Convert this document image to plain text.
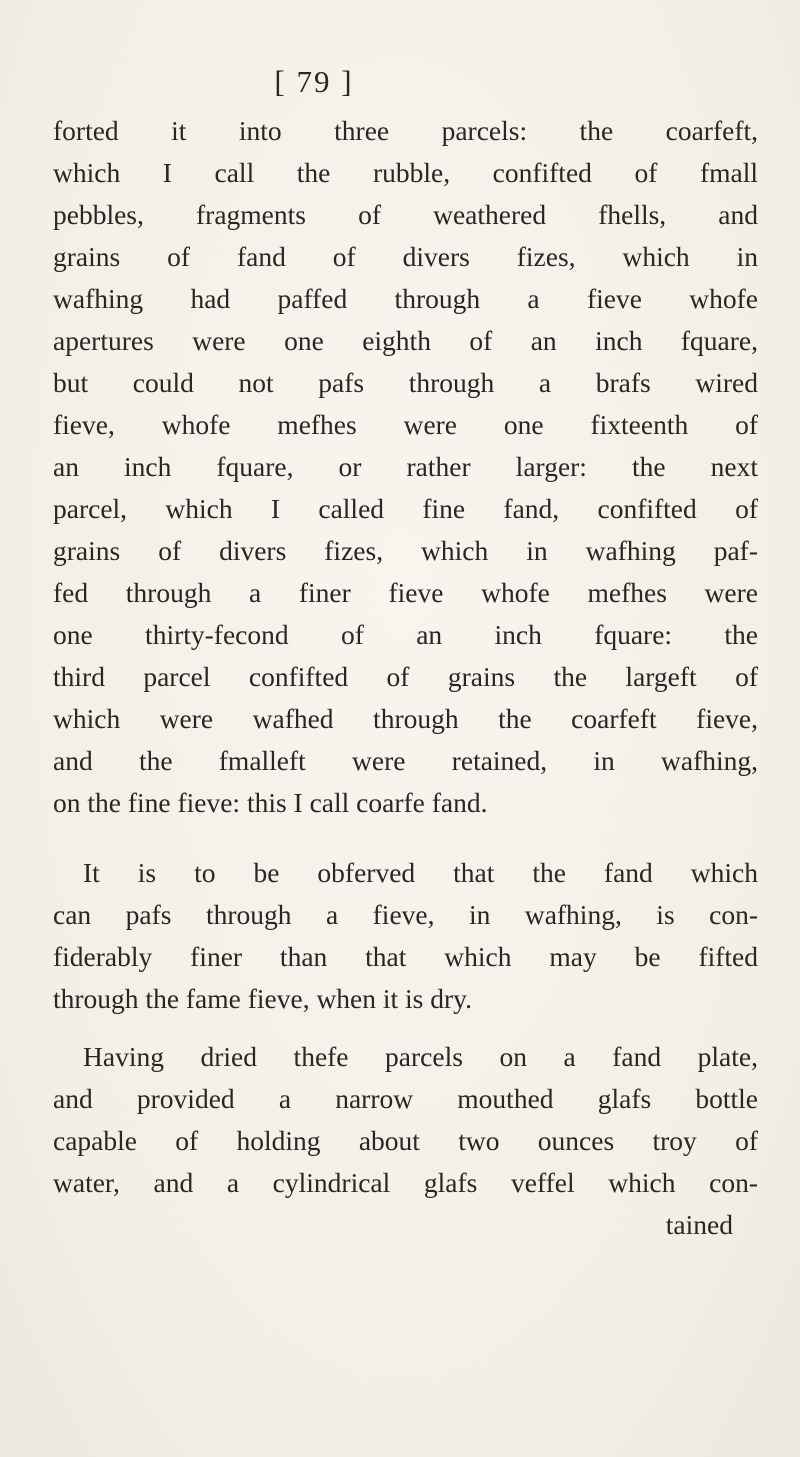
[ 79 ]

forted it into three parcels: the coarfeft,
which I call the rubble, confifted of fmall
pebbles, fragments of weathered fhells, and
grains of fand of divers fizes, which in
wafhing had paffed through a fieve whofe
apertures were one eighth of an inch fquare,
but could not pafs through a brafs wired
fieve, whofe mefhes were one fixteenth of
an inch fquare, or rather larger: the next
parcel, which I called fine fand, confifted of
grains of divers fizes, which in wafhing paf-
fed through a finer fieve whofe mefhes were
one thirty-fecond of an inch fquare: the
third parcel confifted of grains the largeft of
which were wafhed through the coarfeft fieve,
and the fmalleft were retained, in wafhing,
on the fine fieve: this I call coarfe fand.

It is to be obferved that the fand which
can pafs through a fieve, in wafhing, is con-
fiderably finer than that which may be fifted
through the fame fieve, when it is dry.

Having dried thefe parcels on a fand plate,
and provided a narrow mouthed glafs bottle
capable of holding about two ounces troy of
water, and a cylindrical glafs veffel which con-

tained
